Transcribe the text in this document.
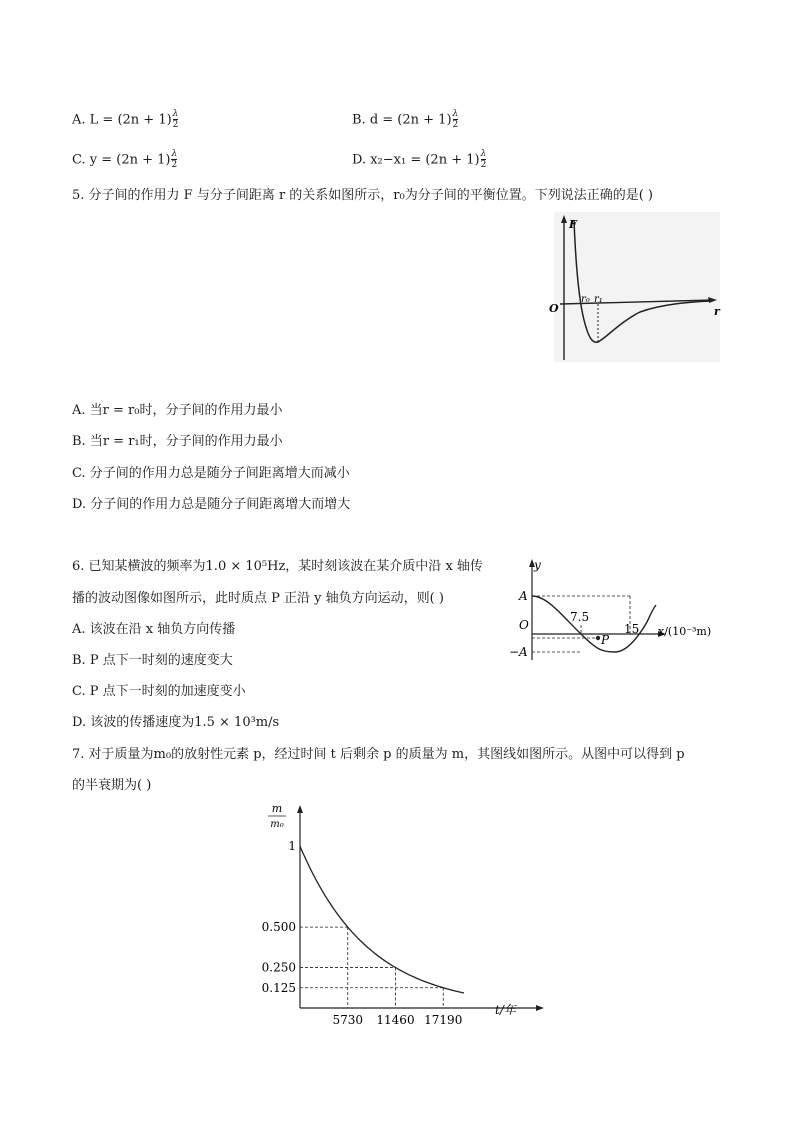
A. $L = (2n + 1) \frac{\lambda}{2}$	B. $d = (2n + 1) \frac{\lambda}{2}$
C. $y = (2n + 1) \frac{\lambda}{2}$	D. $x_2-x_1 = (2n + 1) \frac{\lambda}{2}$
5. 分子间的作用力 F 与分子间距离 r 的关系如图所示，r₀为分子间的平衡位置。下列说法正确的是( )
F
O	r
r₀ r₁
A. 当r = r₀时，分子间的作用力最小
B. 当r = r₁时，分子间的作用力最小
C. 分子间的作用力总是随分子间距离增大而减小
D. 分子间的作用力总是随分子间距离增大而增大
6. 已知某横波的频率为1.0 × 10⁵Hz，某时刻该波在某介质中沿 x 轴传
播的波动图像如图所示，此时质点 P 正沿 y 轴负方向运动，则( )
A. 该波在沿 x 轴负方向传播
B. P 点下一时刻的速度变大
C. P 点下一时刻的加速度变小
D. 该波的传播速度为1.5 × 10³m/s
y
A
−A
O
7.5
15
P
x/(10⁻³m)
7. 对于质量为m₀的放射性元素 p，经过时间 t 后剩余 p 的质量为 m，其图线如图所示。从图中可以得到 p
的半衰期为( )
1
0.500
0.250
0.125
5730 11460 17190
m
m₀
t/年
